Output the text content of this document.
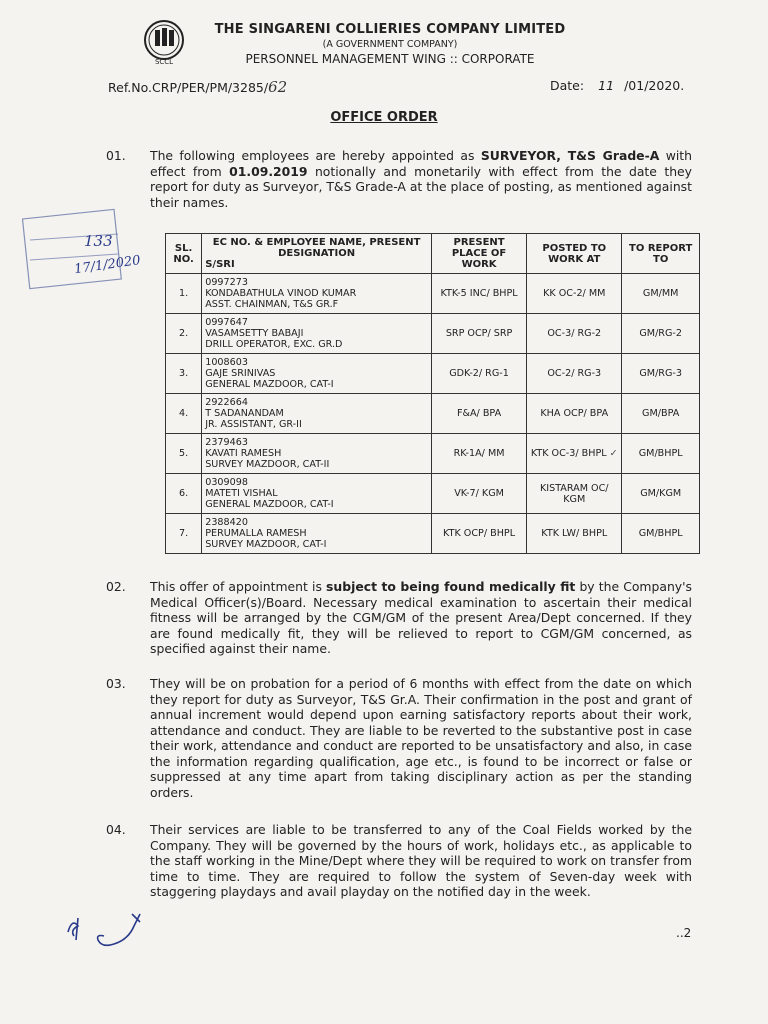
SCCL
THE SINGARENI COLLIERIES COMPANY LIMITED
(A GOVERNMENT COMPANY)
PERSONNEL MANAGEMENT WING :: CORPORATE
Ref.No.CRP/PER/PM/3285/62	Date: 11 /01/2020.
OFFICE ORDER
01. The following employees are hereby appointed as SURVEYOR, T&S Grade-A with effect from 01.09.2019 notionally and monetarily with effect from the date they report for duty as Surveyor, T&S Grade-A at the place of posting, as mentioned against their names.
133
17/1/2020
SL. NO.	EC NO. & EMPLOYEE NAME, PRESENT DESIGNATION
S/SRI	PRESENT PLACE OF WORK	POSTED TO WORK AT	TO REPORT TO
1.	0997273
KONDABATHULA VINOD KUMAR
ASST. CHAINMAN, T&S GR.F	KTK-5 INC/ BHPL	KK OC-2/ MM	GM/MM
2.	0997647
VASAMSETTY BABAJI
DRILL OPERATOR, EXC. GR.D	SRP OCP/ SRP	OC-3/ RG-2	GM/RG-2
3.	1008603
GAJE SRINIVAS
GENERAL MAZDOOR, CAT-I	GDK-2/ RG-1	OC-2/ RG-3	GM/RG-3
4.	2922664
T SADANANDAM
JR. ASSISTANT, GR-II	F&A/ BPA	KHA OCP/ BPA	GM/BPA
5.	2379463
KAVATI RAMESH
SURVEY MAZDOOR, CAT-II	RK-1A/ MM	KTK OC-3/ BHPL ✓	GM/BHPL
6.	0309098
MATETI VISHAL
GENERAL MAZDOOR, CAT-I	VK-7/ KGM	KISTARAM OC/ KGM	GM/KGM
7.	2388420
PERUMALLA RAMESH
SURVEY MAZDOOR, CAT-I	KTK OCP/ BHPL	KTK LW/ BHPL	GM/BHPL
02. This offer of appointment is subject to being found medically fit by the Company's Medical Officer(s)/Board. Necessary medical examination to ascertain their medical fitness will be arranged by the CGM/GM of the present Area/Dept concerned. If they are found medically fit, they will be relieved to report to CGM/GM concerned, as specified against their name.
03. They will be on probation for a period of 6 months with effect from the date on which they report for duty as Surveyor, T&S Gr.A. Their confirmation in the post and grant of annual increment would depend upon earning satisfactory reports about their work, attendance and conduct. They are liable to be reverted to the substantive post in case their work, attendance and conduct are reported to be unsatisfactory and also, in case the information regarding qualification, age etc., is found to be incorrect or false or suppressed at any time apart from taking disciplinary action as per the standing orders.
04. Their services are liable to be transferred to any of the Coal Fields worked by the Company. They will be governed by the hours of work, holidays etc., as applicable to the staff working in the Mine/Dept where they will be required to work on transfer from time to time. They are required to follow the system of Seven-day week with staggering playdays and avail playday on the notified day in the week.
..2
